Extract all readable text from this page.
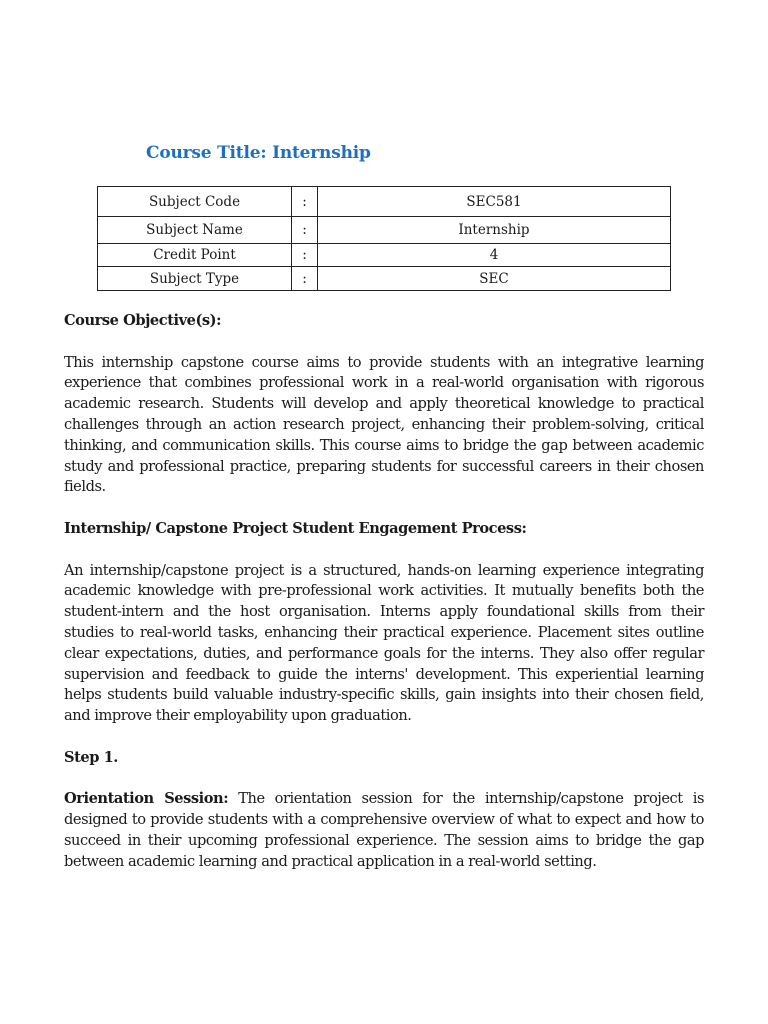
Course Title: Internship
Subject Code	:	SEC581
Subject Name	:	Internship
Credit Point	:	4
Subject Type	:	SEC

Course Objective(s):

This internship capstone course aims to provide students with an integrative learning experience that combines professional work in a real-world organisation with rigorous academic research. Students will develop and apply theoretical knowledge to practical challenges through an action research project, enhancing their problem-solving, critical thinking, and communication skills. This course aims to bridge the gap between academic study and professional practice, preparing students for successful careers in their chosen fields.

Internship/ Capstone Project Student Engagement Process:

An internship/capstone project is a structured, hands-on learning experience integrating academic knowledge with pre-professional work activities. It mutually benefits both the student-intern and the host organisation. Interns apply foundational skills from their studies to real-world tasks, enhancing their practical experience. Placement sites outline clear expectations, duties, and performance goals for the interns. They also offer regular supervision and feedback to guide the interns' development. This experiential learning helps students build valuable industry-specific skills, gain insights into their chosen field, and improve their employability upon graduation.

Step 1.

Orientation Session: The orientation session for the internship/capstone project is designed to provide students with a comprehensive overview of what to expect and how to succeed in their upcoming professional experience. The session aims to bridge the gap between academic learning and practical application in a real-world setting.
